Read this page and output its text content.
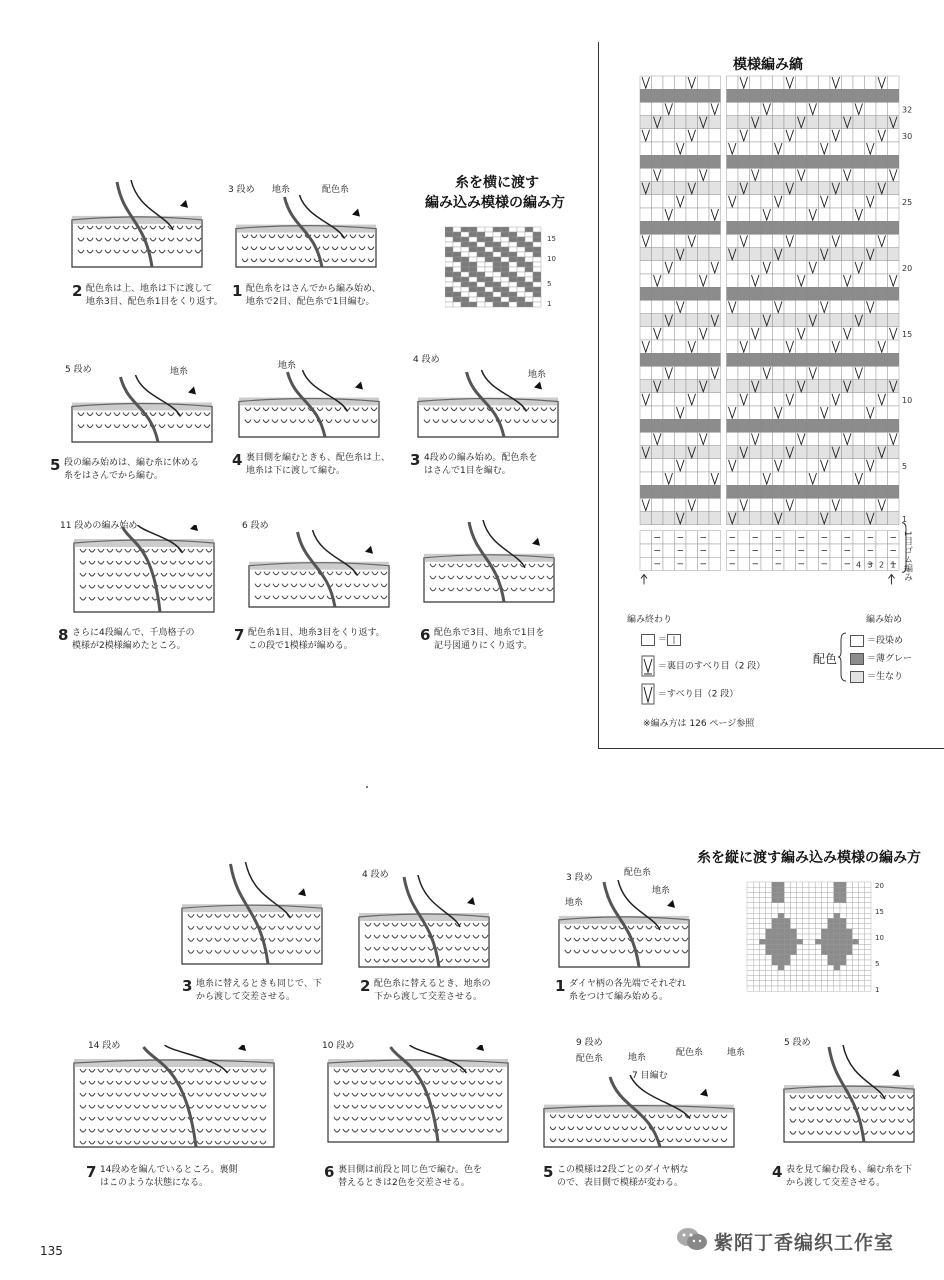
糸を横に渡す
編み込み模様の編み方
15
10
5
1
3 段め 地糸	配色糸
2 配色糸は上、地糸は下に渡して
地糸3目、配色糸1目をくり返す。
1 配色糸をはさんでから編み始め、
地糸で2目、配色糸で1目編む。
5 段め	地糸
地糸
4 段め
地糸
5 段の編み始めは、編む糸に休める
糸をはさんでから編む。
4 裏目側を編むときも、配色糸は上、
地糸は下に渡して編む。
3 4段めの編み始め。配色糸を
はさんで1目を編む。
11 段めの編み始め	6 段め
8 さらに4段編んで、千鳥格子の
模様が2模様編めたところ。
7 配色糸1目、地糸3目をくり返す。
この段で1模様が編める。
6 配色糸で3目、地糸で1目を
記号図通りにくり返す。
模様編み縞
32
30
25
20
15
10
5
1
4 3 2 1 1目ゴム編み
編み終わり	編み始め
＝ |
＝裏目のすべり目（2 段）
＝すべり目（2 段）
配色
＝段染め
＝薄グレー
＝生なり
※編み方は 126 ページ参照
糸を縦に渡す編み込み模様の編み方
20
15
10
5
1
4 段め	3 段め	配色糸
地糸
地糸
3 地糸に替えるときも同じで、下
から渡して交差させる。
2 配色糸に替えるとき、地糸の
下から渡して交差させる。
1 ダイヤ柄の各先端でそれぞれ
糸をつけて編み始める。
14 段め	10 段め	9 段め
配色糸	地糸	配色糸	地糸
7 目編む
5 段め
7 14段めを編んでいるところ。裏側
はこのような状態になる。
6 裏目側は前段と同じ色で編む。色を
替えるときは2色を交差させる。
5 この模様は2段ごとのダイヤ柄な
ので、表目側で模様が変わる。
4 表を見て編む段も、編む糸を下
から渡して交差させる。
135	紫陌丁香编织工作室
